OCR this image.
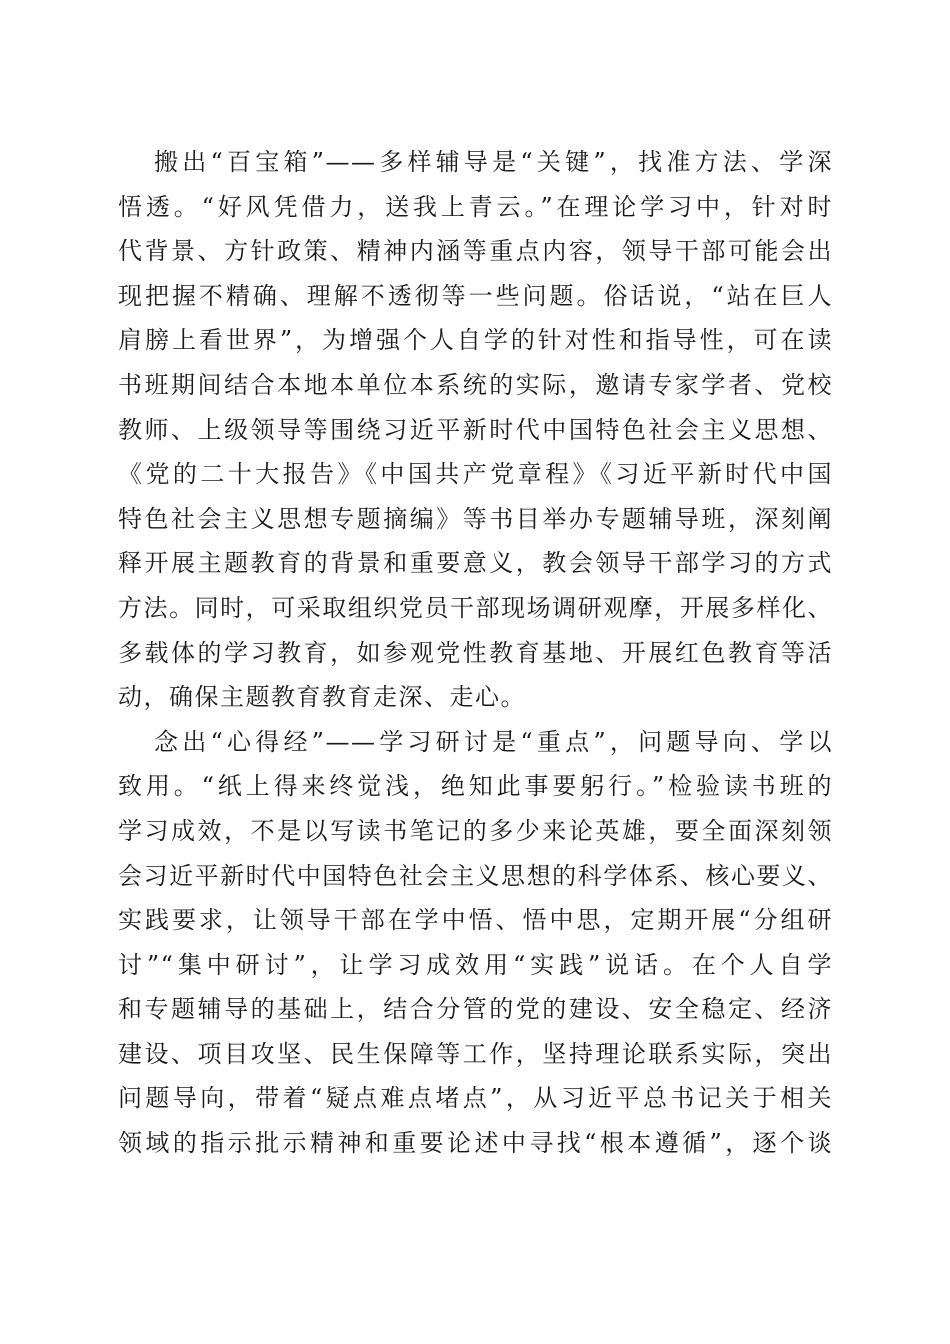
搬出“百宝箱”——多样辅导是“关键”，找准方法、学深
悟透。“好风凭借力，送我上青云。”在理论学习中，针对时
代背景、方针政策、精神内涵等重点内容，领导干部可能会出
现把握不精确、理解不透彻等一些问题。俗话说，“站在巨人
肩膀上看世界”，为增强个人自学的针对性和指导性，可在读
书班期间结合本地本单位本系统的实际，邀请专家学者、党校
教师、上级领导等围绕习近平新时代中国特色社会主义思想、
《党的二十大报告》《中国共产党章程》《习近平新时代中国
特色社会主义思想专题摘编》等书目举办专题辅导班，深刻阐
释开展主题教育的背景和重要意义，教会领导干部学习的方式
方法。同时，可采取组织党员干部现场调研观摩，开展多样化、
多载体的学习教育，如参观党性教育基地、开展红色教育等活
动，确保主题教育教育走深、走心。
念出“心得经”——学习研讨是“重点”，问题导向、学以
致用。“纸上得来终觉浅，绝知此事要躬行。”检验读书班的
学习成效，不是以写读书笔记的多少来论英雄，要全面深刻领
会习近平新时代中国特色社会主义思想的科学体系、核心要义、
实践要求，让领导干部在学中悟、悟中思，定期开展“分组研
讨”“集中研讨”，让学习成效用“实践”说话。在个人自学
和专题辅导的基础上，结合分管的党的建设、安全稳定、经济
建设、项目攻坚、民生保障等工作，坚持理论联系实际，突出
问题导向，带着“疑点难点堵点”，从习近平总书记关于相关
领域的指示批示精神和重要论述中寻找“根本遵循”，逐个谈
